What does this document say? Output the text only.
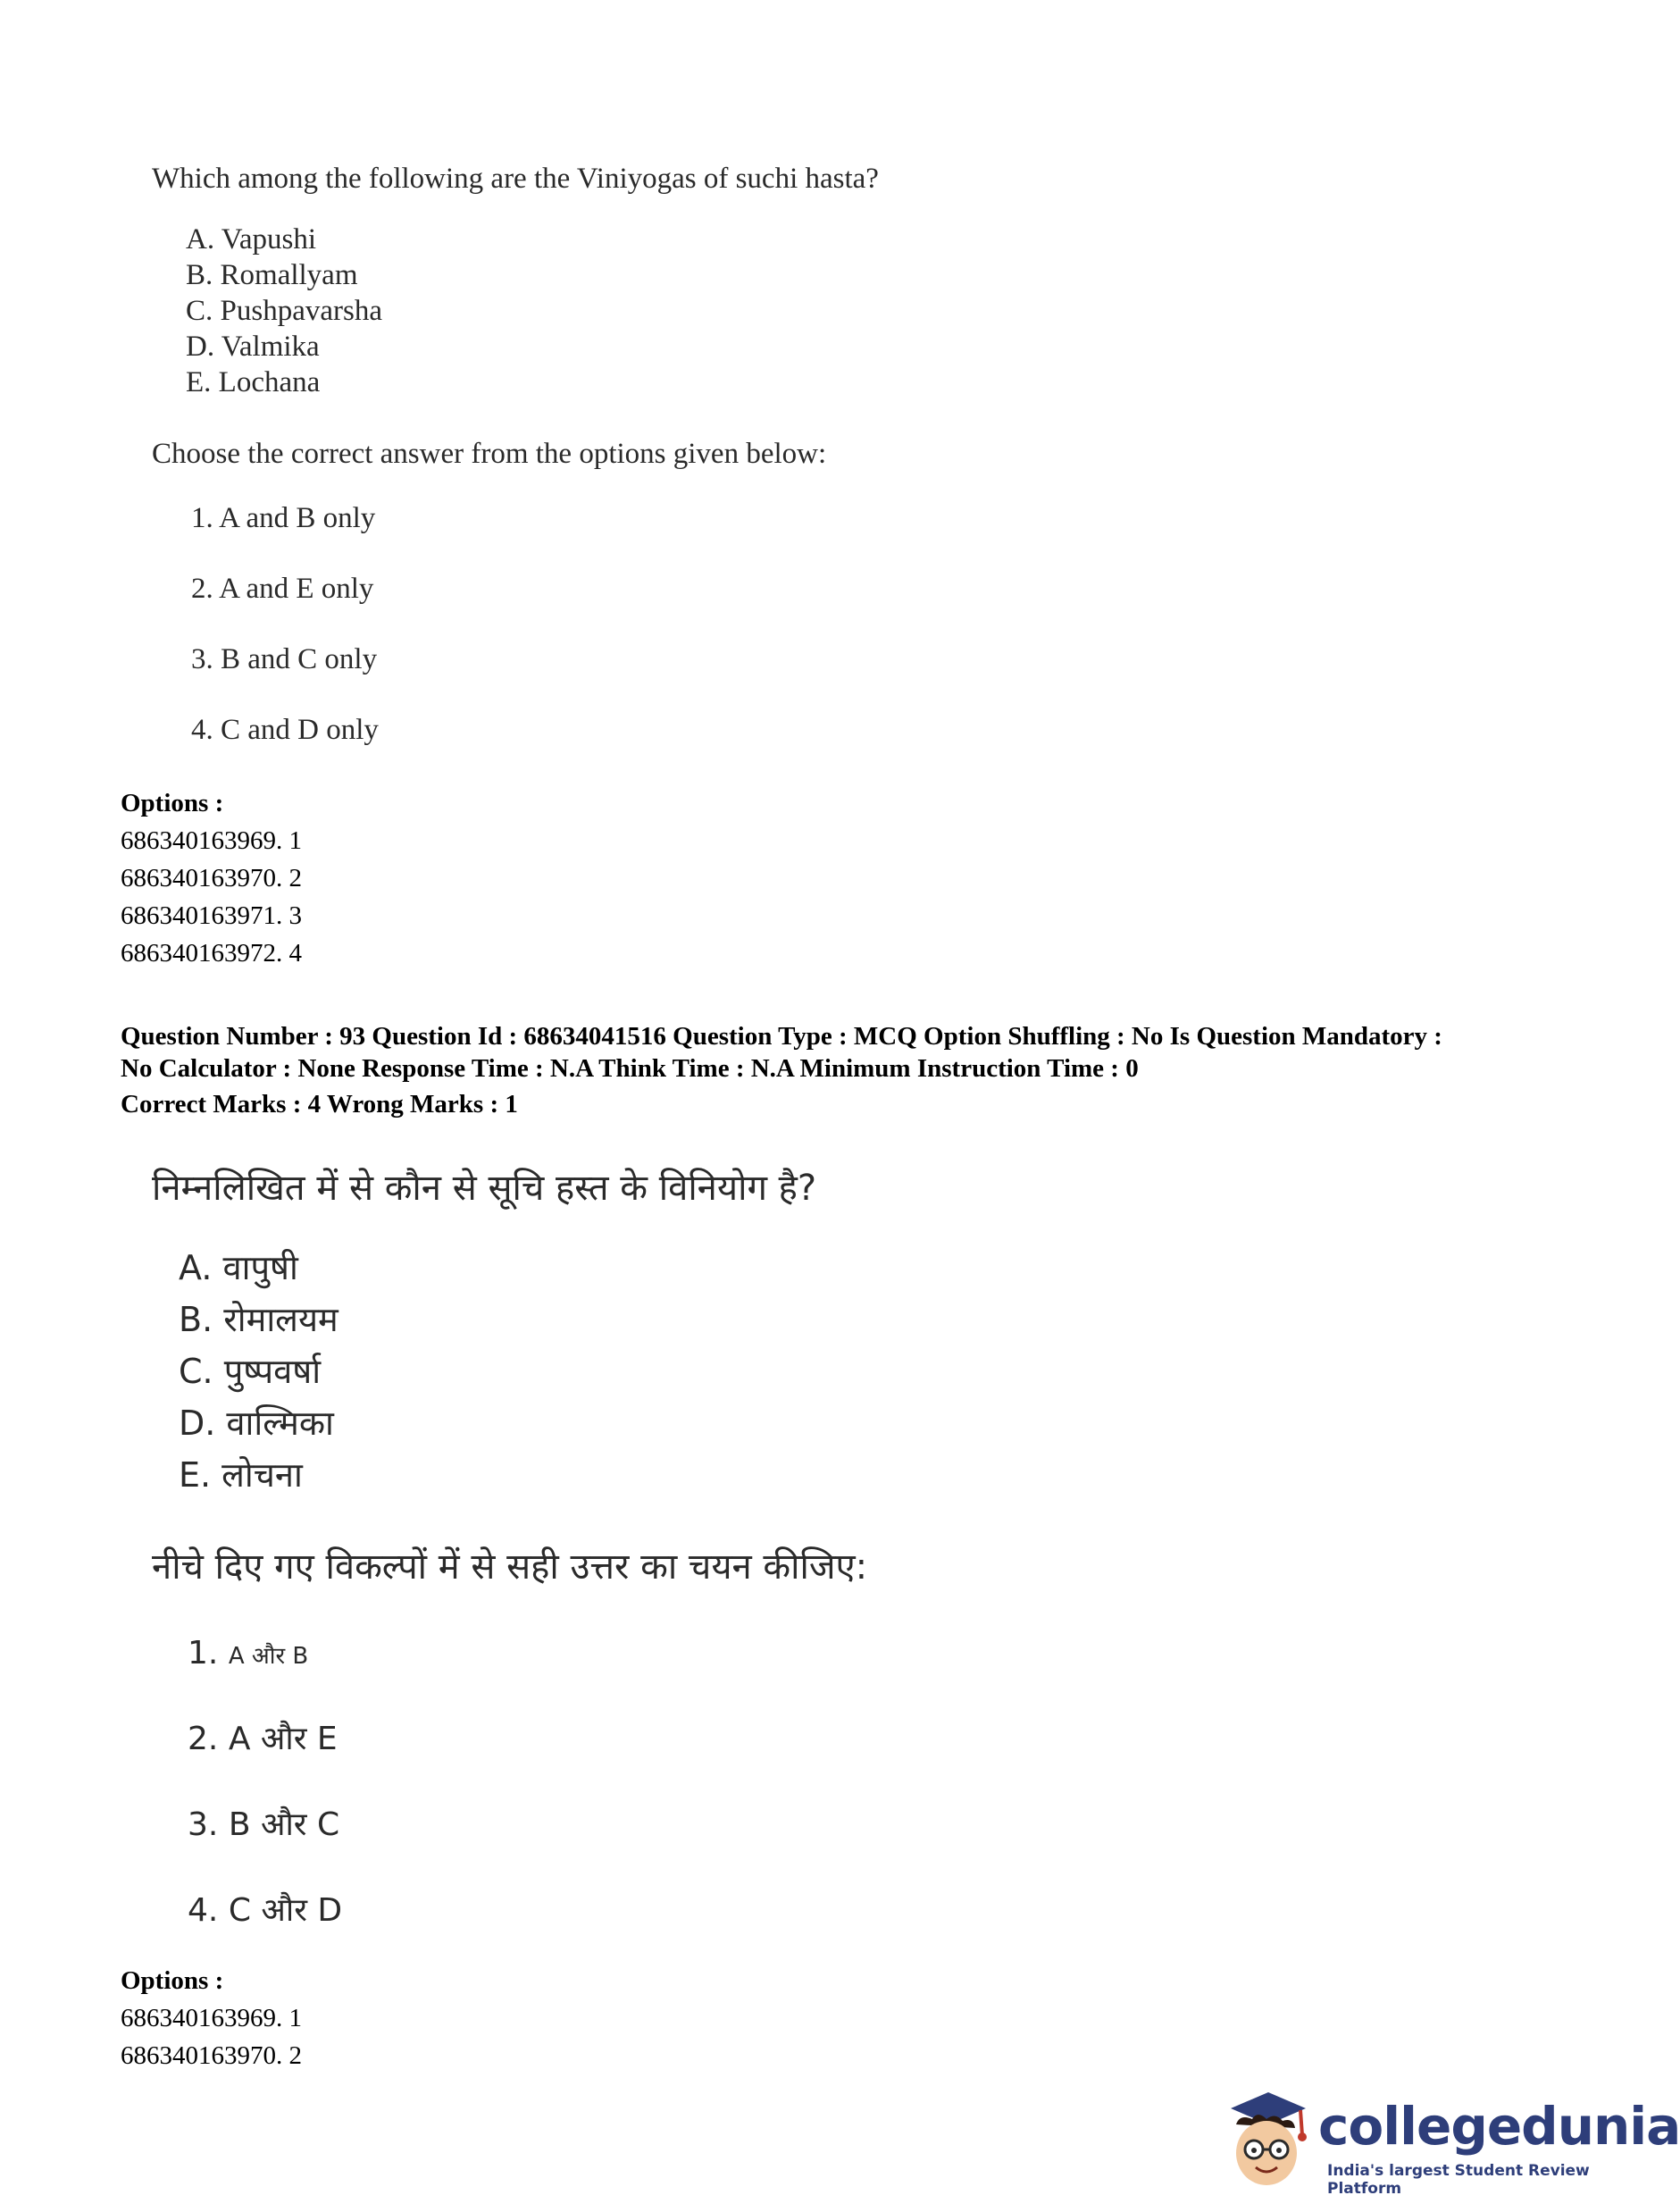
Which among the following are the Viniyogas of suchi hasta?

A. Vapushi
B. Romallyam
C. Pushpavarsha
D. Valmika
E. Lochana

Choose the correct answer from the options given below:

1. A and B only
2. A and E only
3. B and C only
4. C and D only
Options :
686340163969. 1
686340163970. 2
686340163971. 3
686340163972. 4
Question Number : 93 Question Id : 68634041516 Question Type : MCQ Option Shuffling : No Is Question Mandatory :
No Calculator : None Response Time : N.A Think Time : N.A Minimum Instruction Time : 0
Correct Marks : 4 Wrong Marks : 1

निम्नलिखित में से कौन से सूचि हस्त के विनियोग है?

A. वापुषी
B. रोमालयम
C. पुष्पवर्षा
D. वाल्मिका
E. लोचना

नीचे दिए गए विकल्पों में से सही उत्तर का चयन कीजिए:

1. A और B
2. A और E
3. B और C
4. C और D
Options :
686340163969. 1
686340163970. 2
collegedunia
India's largest Student Review Platform
